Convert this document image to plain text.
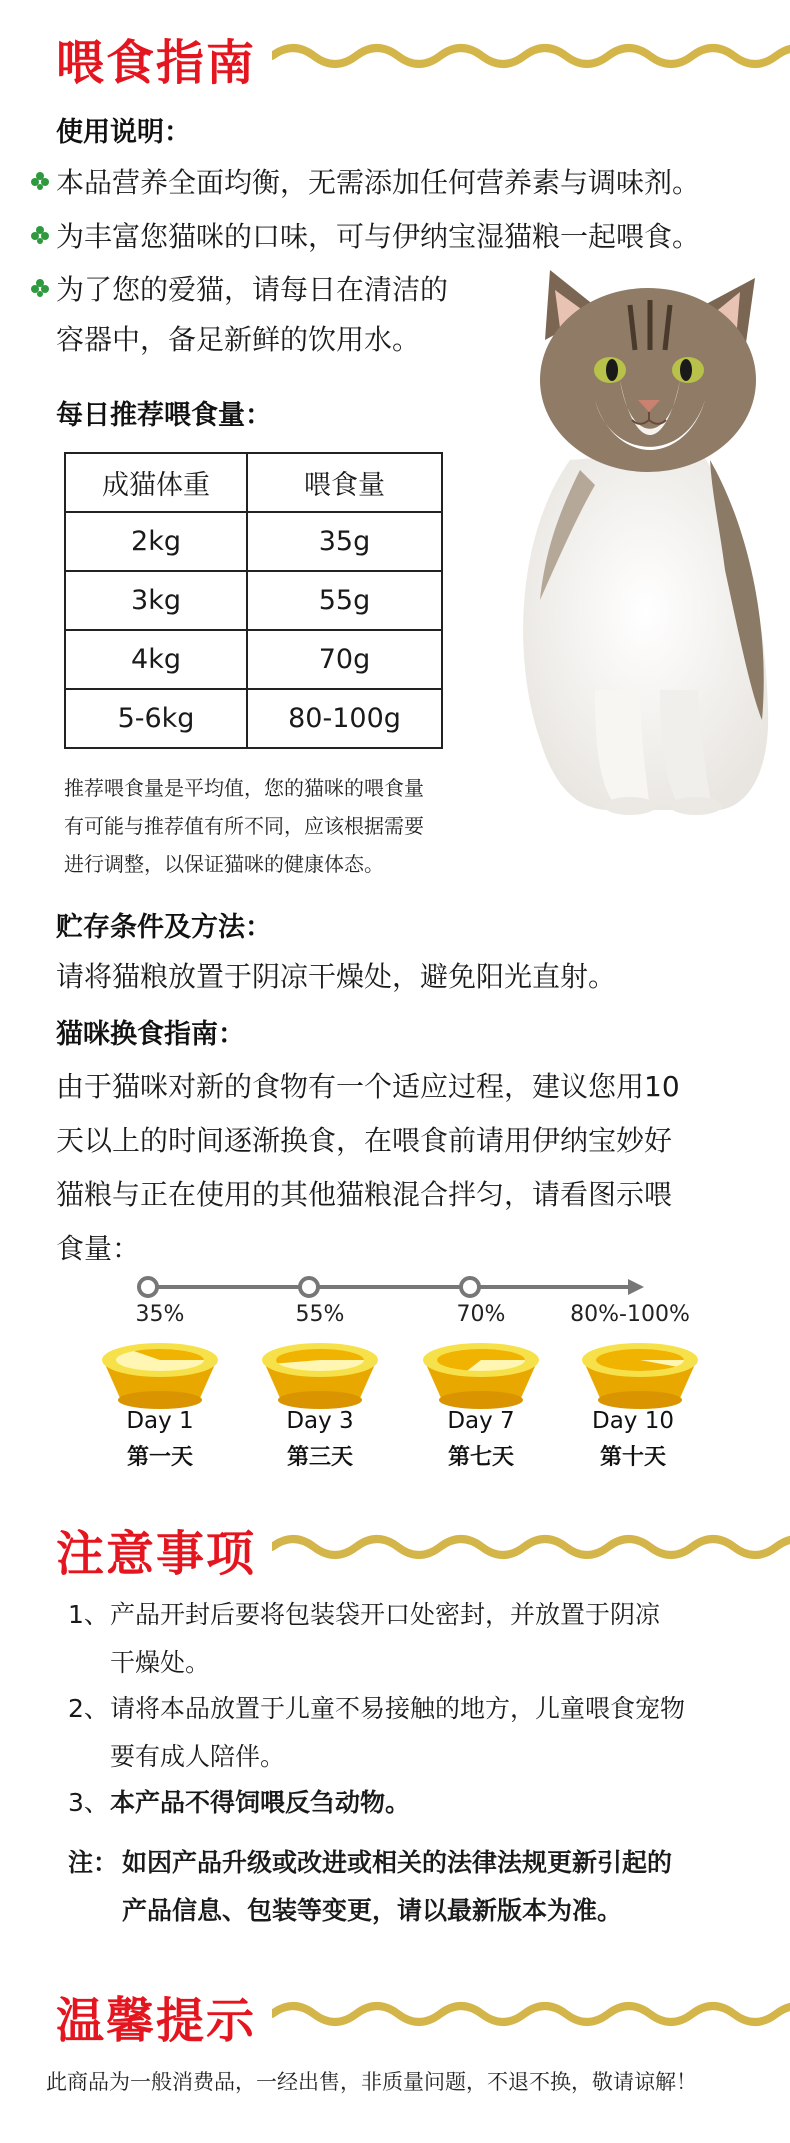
喂食指南
使用说明：
本品营养全面均衡，无需添加任何营养素与调味剂。
为丰富您猫咪的口味，可与伊纳宝湿猫粮一起喂食。
为了您的爱猫，请每日在清洁的
容器中，备足新鲜的饮用水。
每日推荐喂食量：
成猫体重	喂食量
2kg	35g
3kg	55g
4kg	70g
5-6kg	80-100g
推荐喂食量是平均值，您的猫咪的喂食量
有可能与推荐值有所不同，应该根据需要
进行调整，以保证猫咪的健康体态。
贮存条件及方法：
请将猫粮放置于阴凉干燥处，避免阳光直射。
猫咪换食指南：
由于猫咪对新的食物有一个适应过程，建议您用10
天以上的时间逐渐换食，在喂食前请用伊纳宝妙好
猫粮与正在使用的其他猫粮混合拌匀，请看图示喂
食量：
35%	55%	70%	80%-100%
Day 1	Day 3	Day 7	Day 10
第一天	第三天	第七天	第十天
注意事项
1、 产品开封后要将包装袋开口处密封，并放置于阴凉
干燥处。
2、 请将本品放置于儿童不易接触的地方，儿童喂食宠物
要有成人陪伴。
3、 本产品不得饲喂反刍动物。
注： 如因产品升级或改进或相关的法律法规更新引起的
产品信息、包装等变更，请以最新版本为准。
温馨提示
此商品为一般消费品，一经出售，非质量问题，不退不换，敬请谅解！
